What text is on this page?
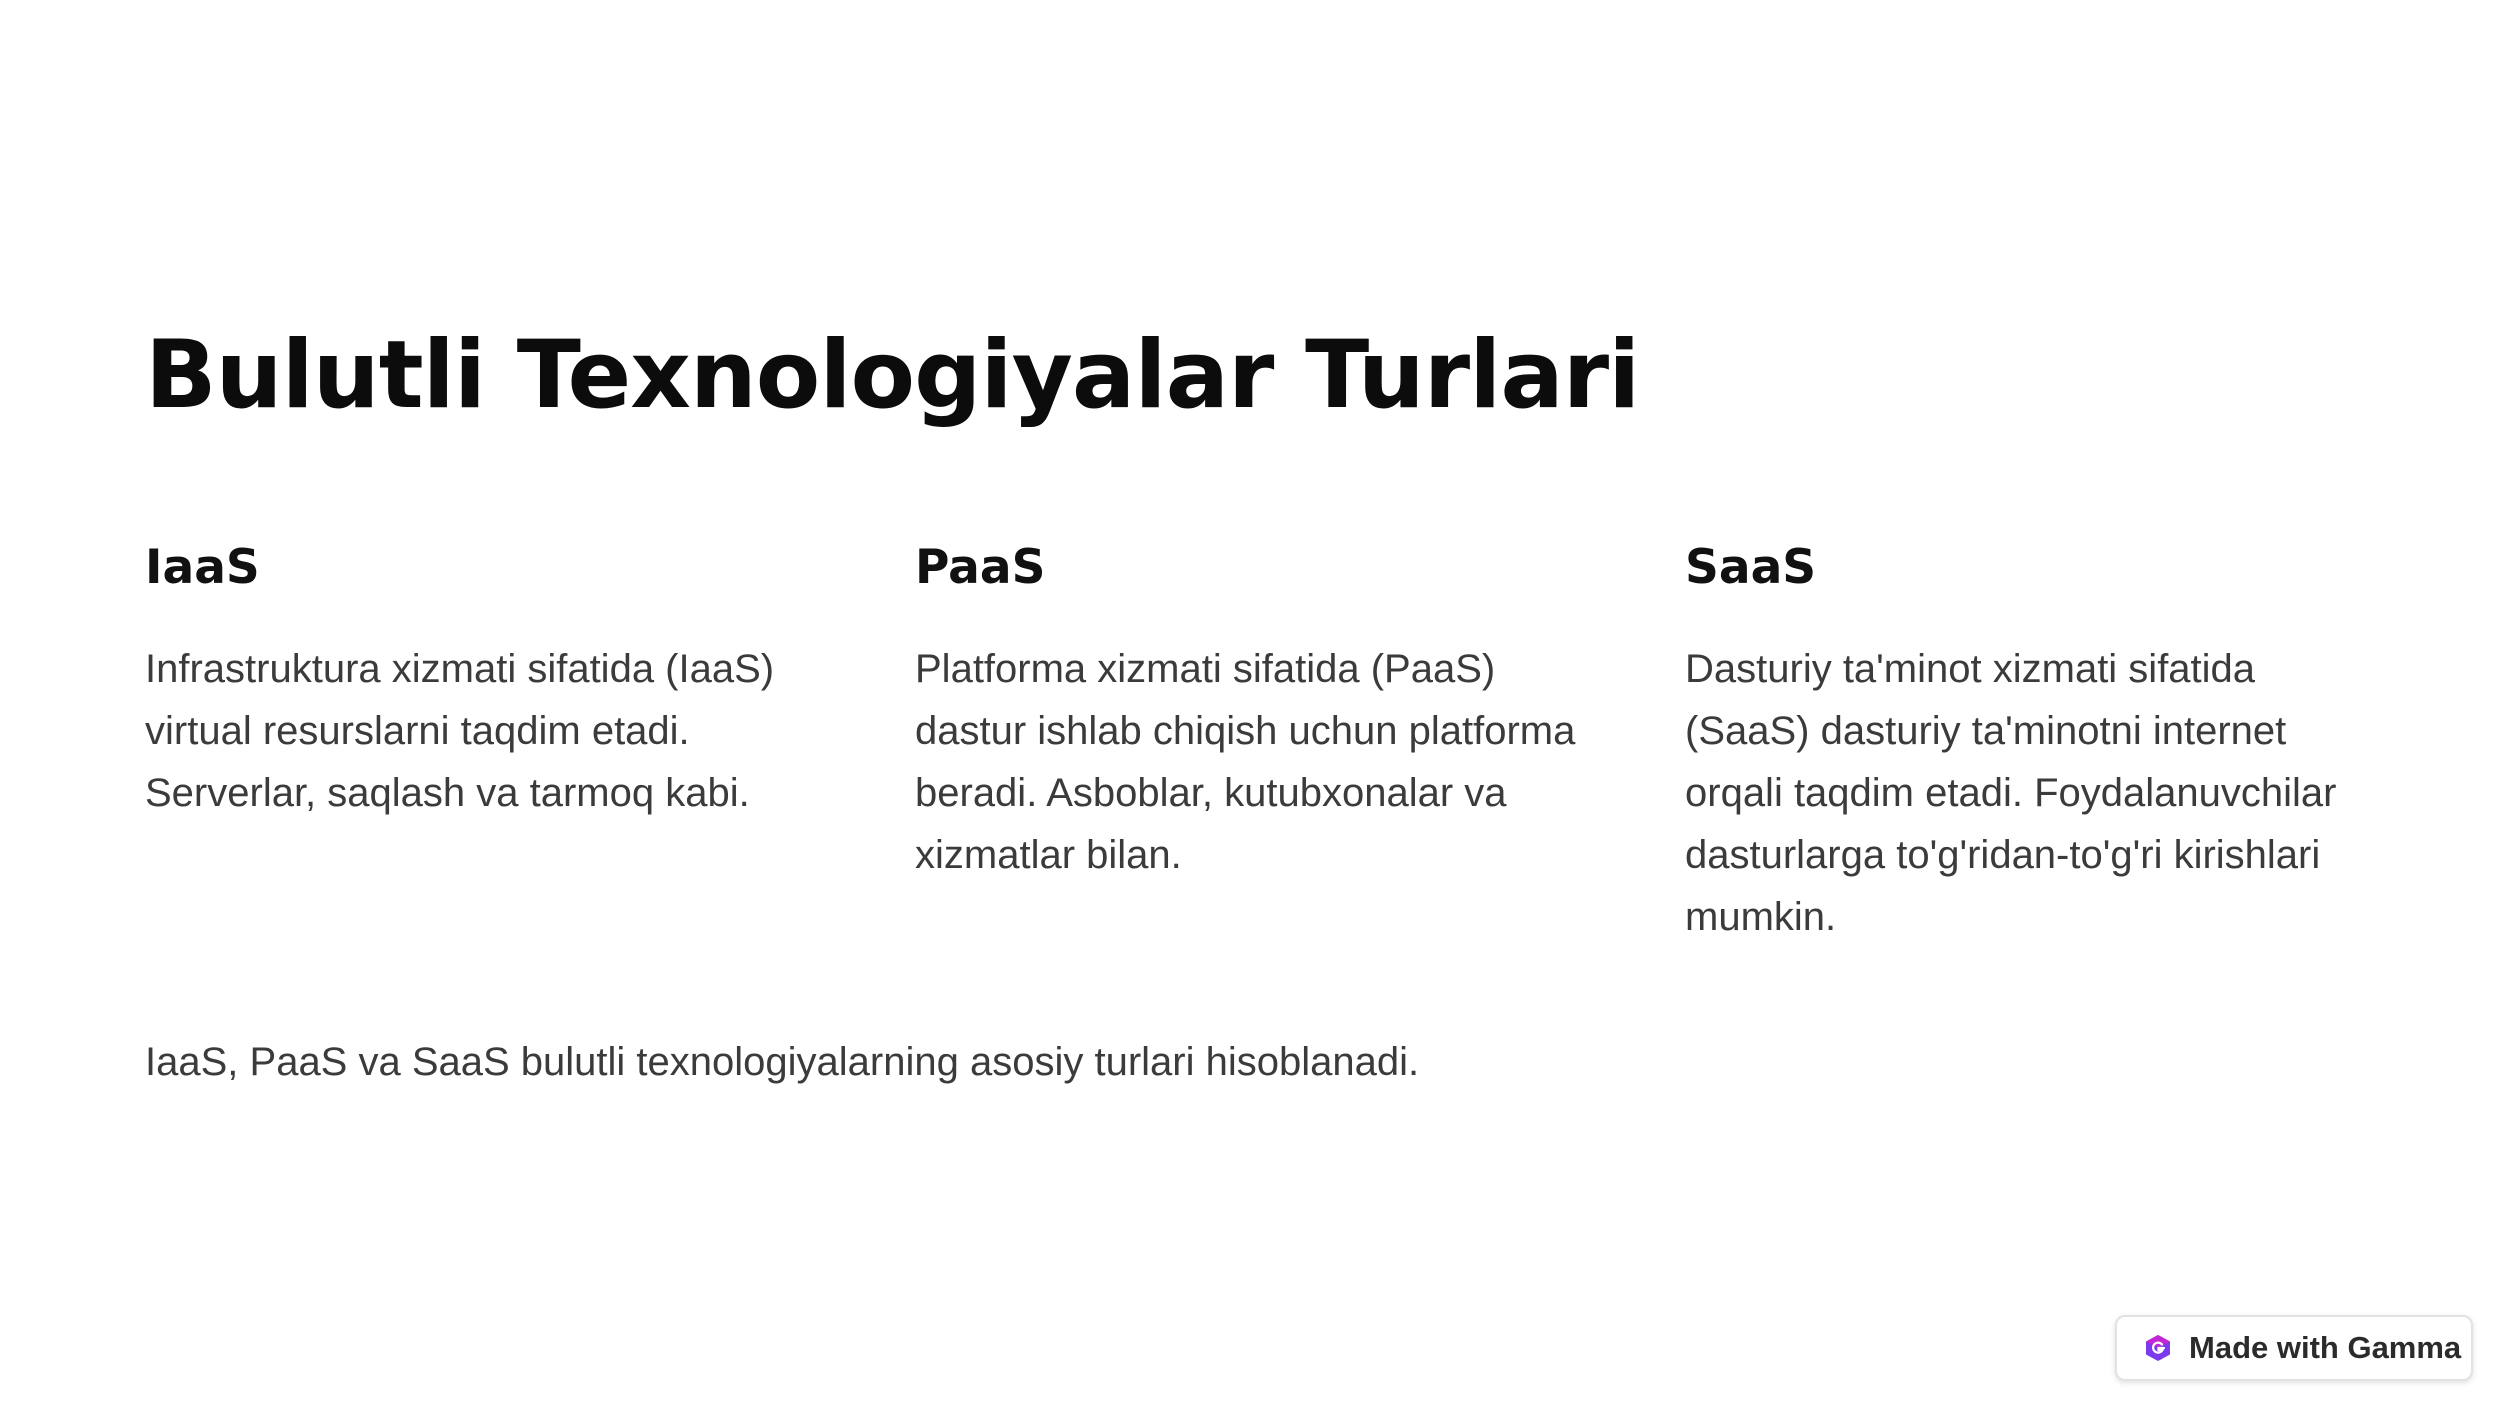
Bulutli Texnologiyalar Turlari
IaaS

Infrastruktura xizmati sifatida (IaaS) virtual resurslarni taqdim etadi. Serverlar, saqlash va tarmoq kabi.

PaaS

Platforma xizmati sifatida (PaaS) dastur ishlab chiqish uchun platforma beradi. Asboblar, kutubxonalar va xizmatlar bilan.

SaaS

Dasturiy ta'minot xizmati sifatida (SaaS) dasturiy ta'minotni internet orqali taqdim etadi. Foydalanuvchilar dasturlarga to'g'ridan-to'g'ri kirishlari mumkin.

IaaS, PaaS va SaaS bulutli texnologiyalarning asosiy turlari hisoblanadi.

Made with Gamma
